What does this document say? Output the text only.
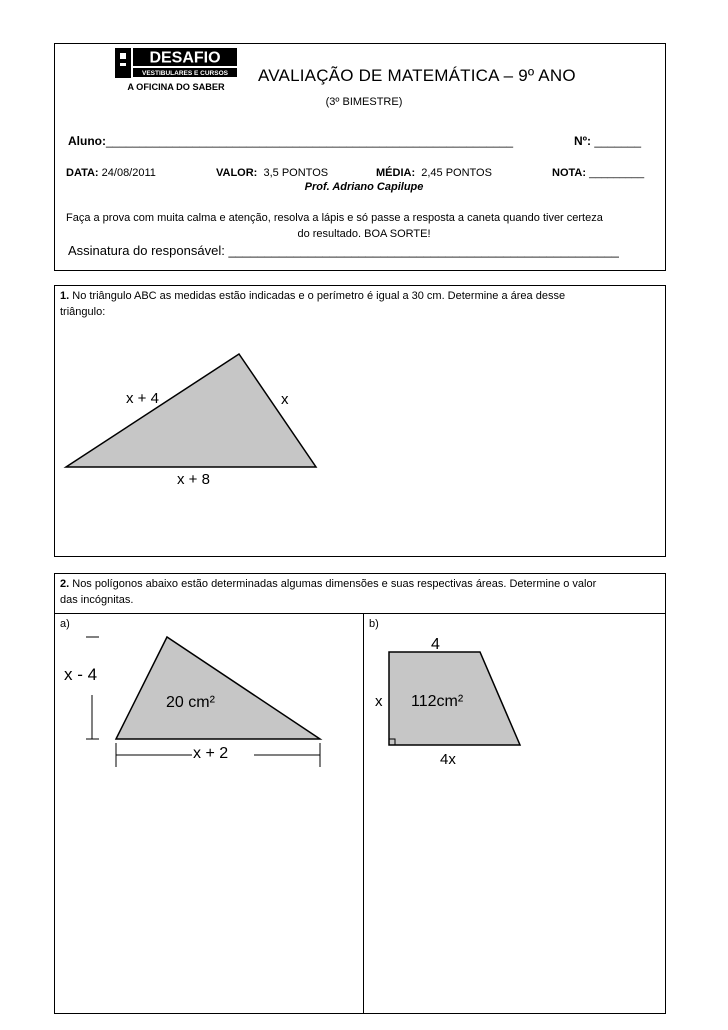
DESAFIO
VESTIBULARES E CURSOS
A OFICINA DO SABER
AVALIAÇÃO DE MATEMÁTICA – 9º ANO
(3º BIMESTRE)
Aluno:_____________________________________________________________	Nº: _______
DATA: 24/08/2011	VALOR: 3,5 PONTOS	MÉDIA: 2,45 PONTOS	NOTA: _________
Prof. Adriano Capilupe
Faça a prova com muita calma e atenção, resolva a lápis e só passe a resposta a caneta quando tiver certeza
do resultado. BOA SORTE!
Assinatura do responsável: ______________________________________________________
1. No triângulo ABC as medidas estão indicadas e o perímetro é igual a 30 cm. Determine a área desse
triângulo:
x + 4	x
x + 8
2. Nos polígonos abaixo estão determinadas algumas dimensões e suas respectivas áreas. Determine o valor
das incógnitas.
a)	b)
x - 4
20 cm²
x + 2
4
x 112cm²
4x
